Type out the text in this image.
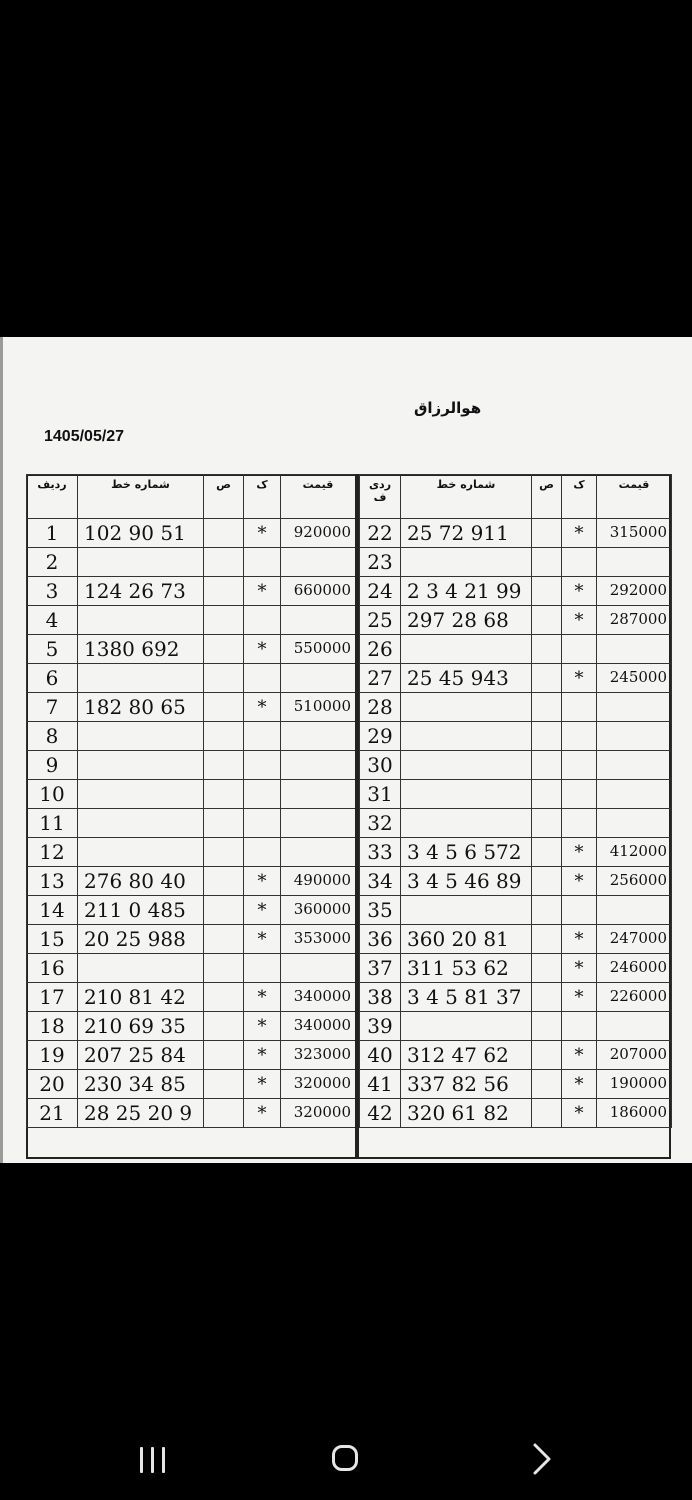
هوالرزاق
1405/05/27
ردیف	شماره خط	ص	ک	قیمت

1	102 90 51		*	920000
2				
3	124 26 73		*	660000
4				
5	1380 692		*	550000
6				
7	182 80 65		*	510000
8				
9				
10				
11				
12				
13	276 80 40		*	490000
14	211 0 485		*	360000
15	20 25 988		*	353000
16				
17	210 81 42		*	340000
18	210 69 35		*	340000
19	207 25 84		*	323000
20	230 34 85		*	320000
21	28 25 20 9		*	320000
ردی
ف	شماره خط	ص	ک	قیمت

22	25 72 911		*	315000
23				
24	2 3 4 21 99		*	292000
25	297 28 68		*	287000
26				
27	25 45 943		*	245000
28				
29				
30				
31				
32				
33	3 4 5 6 572		*	412000
34	3 4 5 46 89		*	256000
35				
36	360 20 81		*	247000
37	311 53 62		*	246000
38	3 4 5 81 37		*	226000
39				
40	312 47 62		*	207000
41	337 82 56		*	190000
42	320 61 82		*	186000
